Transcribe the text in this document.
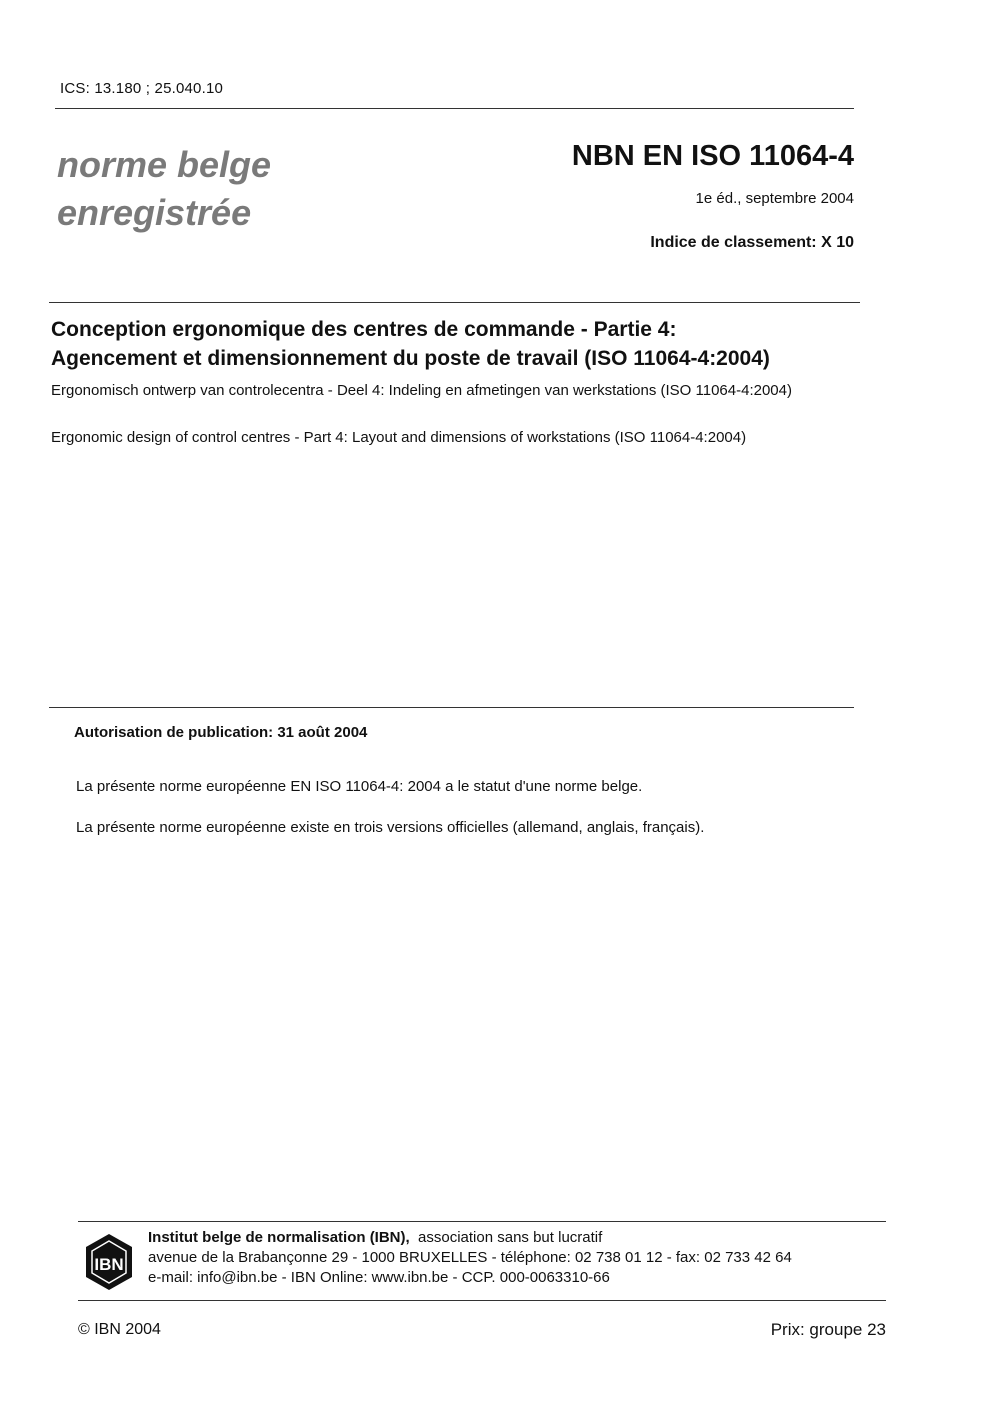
ICS: 13.180 ; 25.040.10
norme belge
enregistrée
NBN EN ISO 11064-4
1e éd., septembre 2004
Indice de classement: X 10
Conception ergonomique des centres de commande - Partie 4:
Agencement et dimensionnement du poste de travail (ISO 11064-4:2004)
Ergonomisch ontwerp van controlecentra - Deel 4: Indeling en afmetingen van werkstations (ISO 11064-4:2004)
Ergonomic design of control centres - Part 4: Layout and dimensions of workstations (ISO 11064-4:2004)
Autorisation de publication: 31 août 2004
La présente norme européenne EN ISO 11064-4: 2004 a le statut d'une norme belge.
La présente norme européenne existe en trois versions officielles (allemand, anglais, français).
IBN
Institut belge de normalisation (IBN), association sans but lucratif
avenue de la Brabançonne 29 - 1000 BRUXELLES - téléphone: 02 738 01 12 - fax: 02 733 42 64
e-mail: info@ibn.be - IBN Online: www.ibn.be - CCP. 000-0063310-66
© IBN 2004	Prix: groupe 23
